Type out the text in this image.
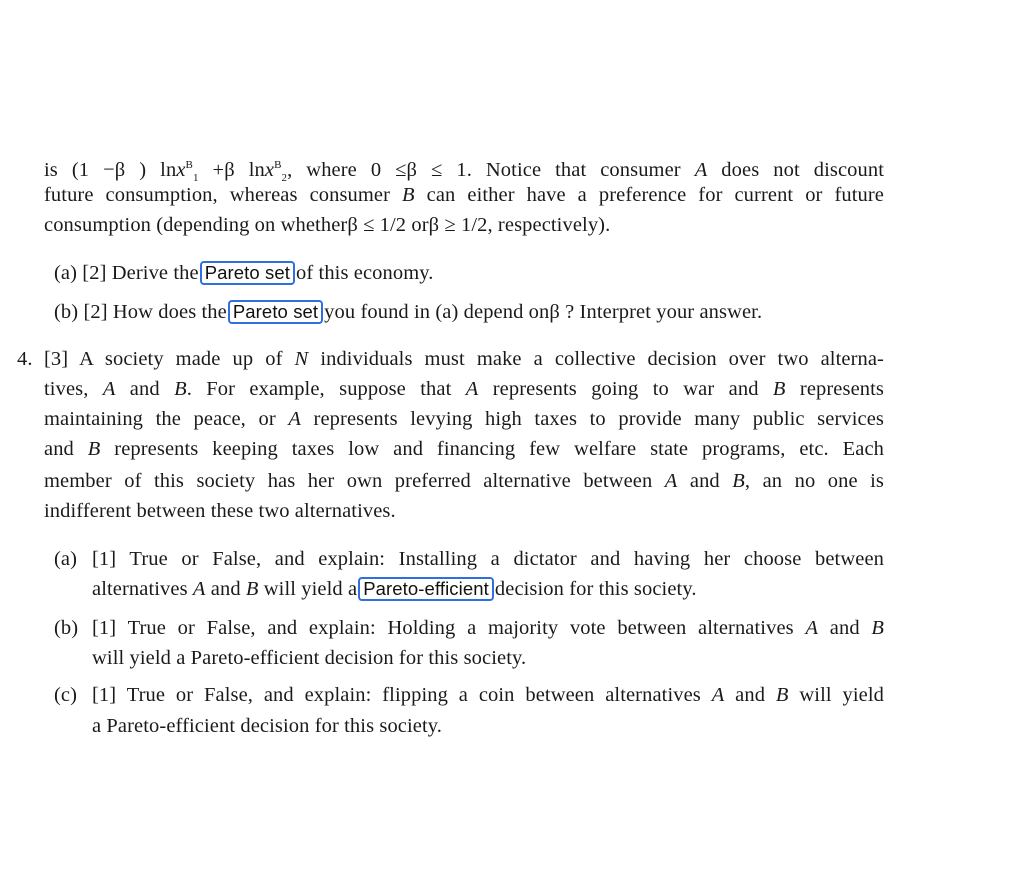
is (1 −β ) lnx$^B_1$ +β lnx$^B_2$, where 0 ≤β ≤ 1. Notice that consumer A does not discount
future consumption, whereas consumer B can either have a preference for current or future
consumption (depending on whetherβ ≤ 1/2 orβ ≥ 1/2, respectively).
(a) [2] Derive the Pareto set of this economy.
(b) [2] How does the Pareto set you found in (a) depend onβ ? Interpret your answer.
4. [3] A society made up of N individuals must make a collective decision over two alterna-
tives, A and B. For example, suppose that A represents going to war and B represents
maintaining the peace, or A represents levying high taxes to provide many public services
and B represents keeping taxes low and financing few welfare state programs, etc. Each
member of this society has her own preferred alternative between A and B, an no one is
indifferent between these two alternatives.
(a) [1] True or False, and explain: Installing a dictator and having her choose between
alternatives A and B will yield a Pareto-efficient decision for this society.
(b) [1] True or False, and explain: Holding a majority vote between alternatives A and B
will yield a Pareto-efficient decision for this society.
(c) [1] True or False, and explain: flipping a coin between alternatives A and B will yield
a Pareto-efficient decision for this society.
